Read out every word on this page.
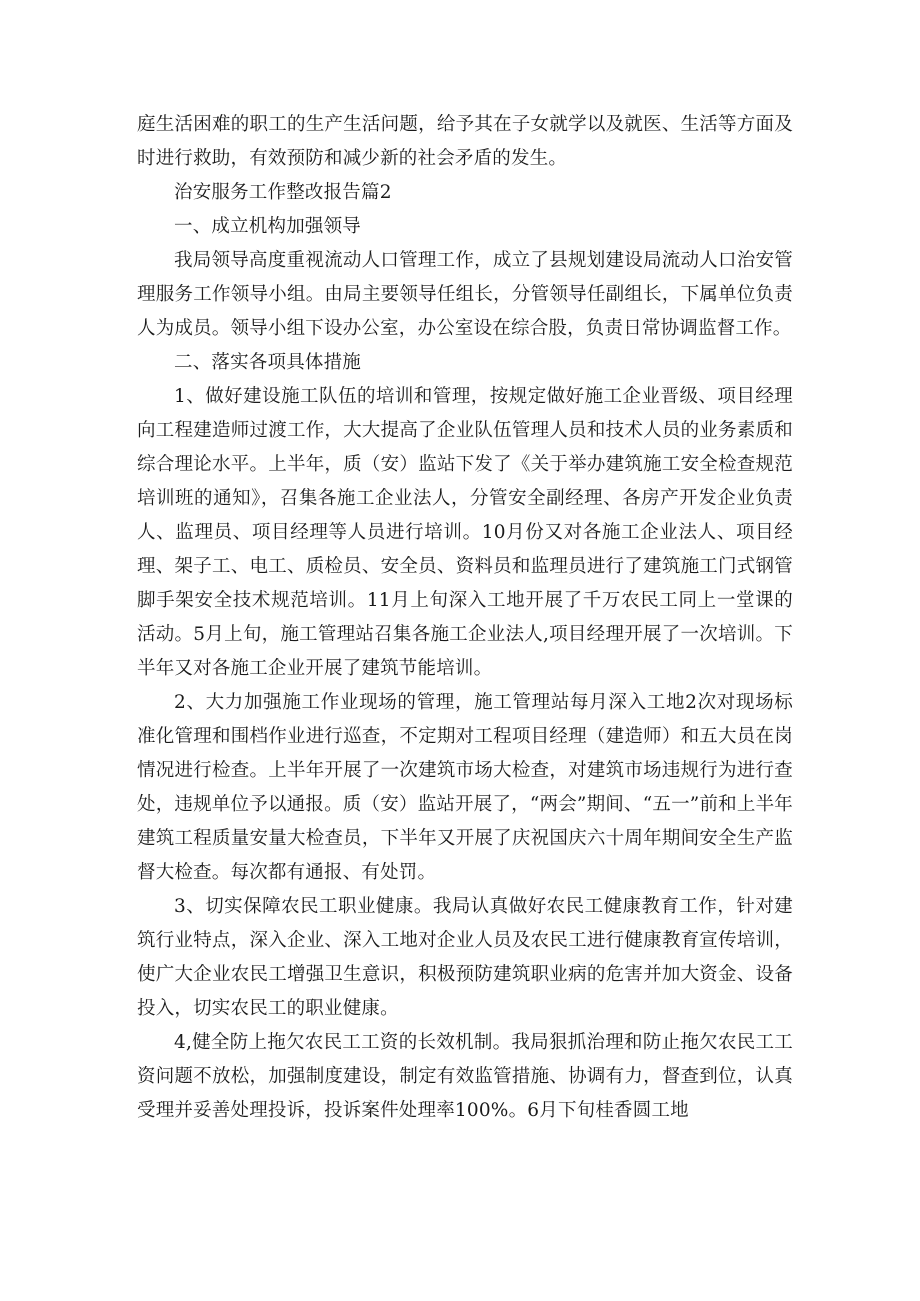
庭生活困难的职工的生产生活问题，给予其在子女就学以及就医、生活等方面及时进行救助，有效预防和减少新的社会矛盾的发生。

治安服务工作整改报告篇2

一、成立机构加强领导

我局领导高度重视流动人口管理工作，成立了县规划建设局流动人口治安管理服务工作领导小组。由局主要领导任组长，分管领导任副组长，下属单位负责人为成员。领导小组下设办公室，办公室设在综合股，负责日常协调监督工作。

二、落实各项具体措施

1、做好建设施工队伍的培训和管理，按规定做好施工企业晋级、项目经理向工程建造师过渡工作，大大提高了企业队伍管理人员和技术人员的业务素质和综合理论水平。上半年，质（安）监站下发了《关于举办建筑施工安全检查规范培训班的通知》，召集各施工企业法人，分管安全副经理、各房产开发企业负责人、监理员、项目经理等人员进行培训。10月份又对各施工企业法人、项目经理、架子工、电工、质检员、安全员、资料员和监理员进行了建筑施工门式钢管脚手架安全技术规范培训。11月上旬深入工地开展了千万农民工同上一堂课的活动。5月上旬，施工管理站召集各施工企业法人,项目经理开展了一次培训。下半年又对各施工企业开展了建筑节能培训。

2、大力加强施工作业现场的管理，施工管理站每月深入工地2次对现场标准化管理和围档作业进行巡查，不定期对工程项目经理（建造师）和五大员在岗情况进行检查。上半年开展了一次建筑市场大检查，对建筑市场违规行为进行查处，违规单位予以通报。质（安）监站开展了，“两会”期间、“五一”前和上半年建筑工程质量安量大检查员，下半年又开展了庆祝国庆六十周年期间安全生产监督大检查。每次都有通报、有处罚。

3、切实保障农民工职业健康。我局认真做好农民工健康教育工作，针对建筑行业特点，深入企业、深入工地对企业人员及农民工进行健康教育宣传培训，使广大企业农民工增强卫生意识，积极预防建筑职业病的危害并加大资金、设备投入，切实农民工的职业健康。

4,健全防上拖欠农民工工资的长效机制。我局狠抓治理和防止拖欠农民工工资问题不放松，加强制度建设，制定有效监管措施、协调有力，督查到位，认真受理并妥善处理投诉，投诉案件处理率100%。6月下旬桂香圆工地
